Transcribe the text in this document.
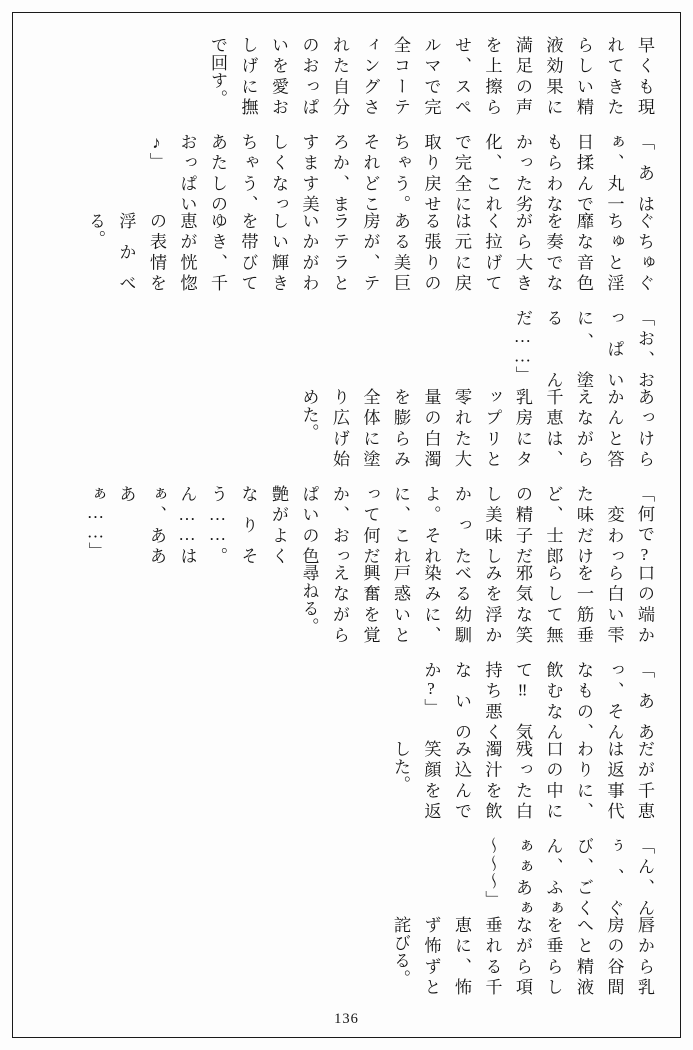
唇から乳房の谷間へと精液を垂らしながら項垂れる千恵に、怖ず怖ずと詫びる。

「ん、んぅ、ぐび、ごくん、ふぁぁぁあぁ～～～」

だが千恵は返事代わりに、口の中に残った白濁汁を飲み込んで笑顔を返した。

「ああっ、そんなもの、飲むなんて‼ 気持ち悪くないのか?」

口の端から白い雫を一筋垂らして無邪気な笑みを浮かべる幼馴染みに、戸惑いと興奮を覚えながら尋ねる。

「何で? 　変わった味だけど、士郎の精子だし美味しかったよ。それに、これって何だか、おっぱいの色艶がよくなりそう……。ん……はぁ、あああぁ……」

あっけらかんと答えながら千恵は、乳房にタップリと零れた大量の白濁を膨らみ全体に塗り広げ始めた。

「お、おっぱいに、　塗るんだ……」

ぐちゅぐちゅと淫靡な音色を奏でながら大きく拉げては元に戻る張りのある美巨房が、テラテラといかがわしい輝きを帯びてゆき、千恵が恍惚の表情を浮かべる。

「あはぁ、丸一日揉んでもらわなかった劣化、これで完全に取り戻せちゃう。それどころか、ますます美しくなっちゃう、あたしのおっぱい♪」

早くも現れてきたらしい精液効果に満足の声を上擦らせ、スペルマで完全コーティングされた自分のおっぱいを愛おしげに撫で回す。

136
